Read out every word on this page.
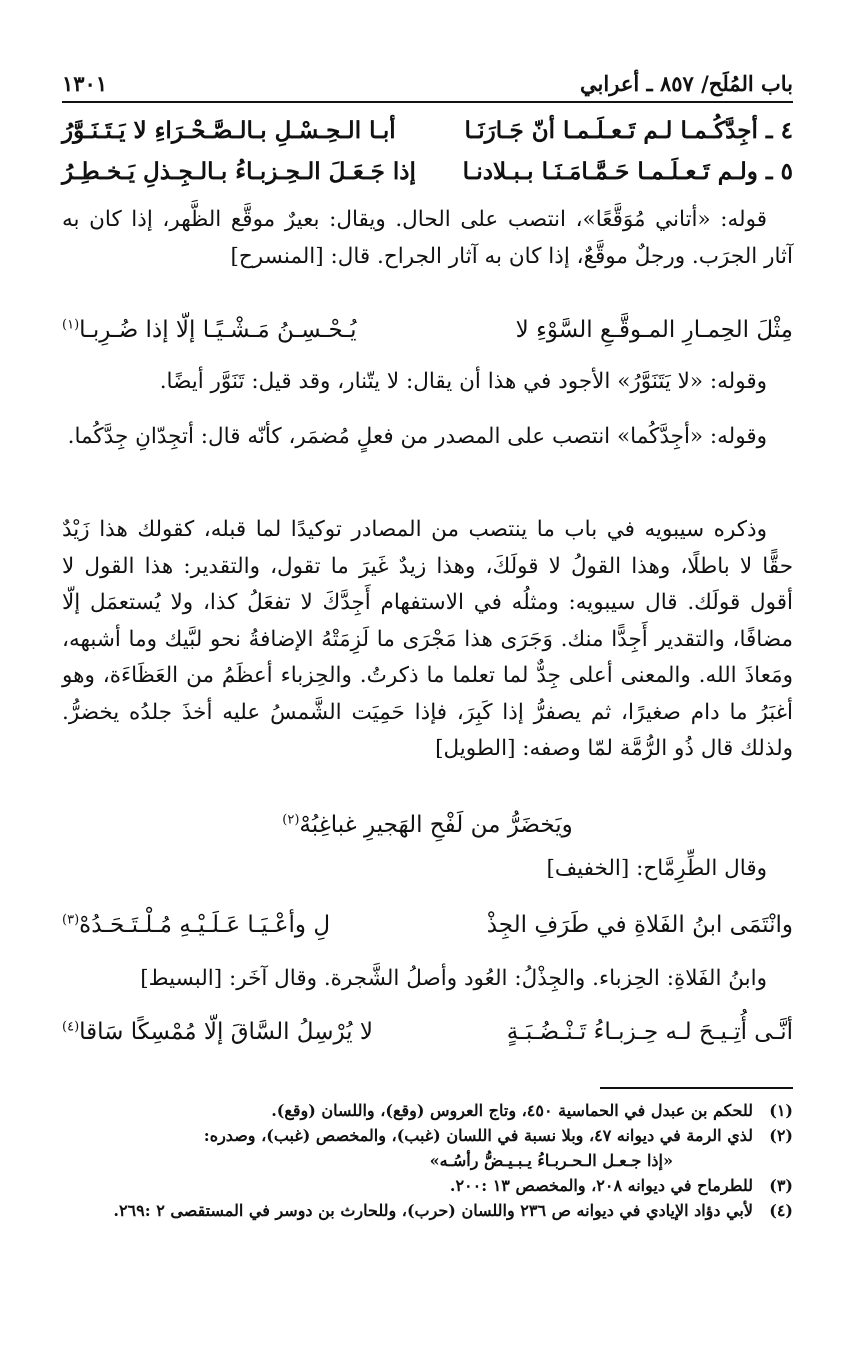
باب المُلَح/ ٨٥٧ ـ أعرابي
١٣٠١
٤ ـ أجِدَّكُـمـا لـم تَـعـلَـمـا أنّ جَـارَنَـا
أبـا الـحِـسْـلِ بـالـصَّـحْـرَاءِ لا يَـتَـنَـوَّرُ
٥ ـ ولـم تَـعـلَـمـا حَـمَّـامَـنَـا بـبـلادنـا
إذا جَـعَـلَ الـحِـزبـاءُ بـالـجِـذلِ يَـخـطِـرُ

قوله: «أتاني مُوَقَّعًا»، انتصب على الحال. ويقال: بعيرٌ موقَّع الظَّهر، إذا كان به آثار الجرَب. ورجلٌ موقَّعٌ، إذا كان به آثار الجراح. قال: [المنسرح]

مِثْلَ الحِمـارِ المـوقَّـعِ السَّوْءِ لا
يُـحْـسِـنُ مَـشْـيًـا إلّا إذا ضُـرِبـا$^{(١)}$

وقوله: «لا يَتَنَوَّرُ» الأجود في هذا أن يقال: لا يتّنار، وقد قيل: تَنَوَّر أيضًا.

وقوله: «أجِدَّكُما» انتصب على المصدر من فعلٍ مُضمَر، كأنّه قال: أتجِدّانِ جِدَّكُما.

وذكره سيبويه في باب ما ينتصب من المصادر توكيدًا لما قبله، كقولك هذا زَيْدٌ حقًّا لا باطلًا، وهذا القولُ لا قولَكَ، وهذا زيدٌ غَيرَ ما تقول، والتقدير: هذا القول لا أقول قولَك. قال سيبويه: ومثلُه في الاستفهام أَجِدَّكَ لا تفعَلُ كذا، ولا يُستعمَل إلّا مضافًا، والتقدير أَجِدًّا منك. وَجَرَى هذا مَجْرَى ما لَزِمَتْهُ الإضافةُ نحو لبَّيك وما أشبهه، ومَعاذَ الله. والمعنى أعلى جِدٌّ لما تعلما ما ذكرتُ. والحِزباء أعظَمُ من العَظَاءَة، وهو أغبَرُ ما دام صغيرًا، ثم يصفرُّ إذا كَبِرَ، فإذا حَمِيَت الشَّمسُ عليه أخذَ جلدُه يخضرُّ. ولذلك قال ذُو الرُّمَّة لمّا وصفه: [الطويل]

ويَخضَرُّ من لَفْحِ الهَجيرِ غباغِبُهْ$^{(٢)}$
وقال الطِّرِمَّاح: [الخفيف]
وانْتَمَى ابنُ الفَلاةِ في طَرَفِ الجِذْ
لِ وأعْـيَـا عَـلَـيْـهِ مُـلْـتَـحَـدُهْ$^{(٣)}$
وابنُ الفَلاةِ: الحِزباء. والجِذْلُ: العُود وأصلُ الشَّجرة. وقال آخَر: [البسيط]
أنَّـى أُتِـيـحَ لـه حِـزبـاءُ تَـنْـضُـبَـةٍ
لا يُرْسِلُ السَّاقَ إلّا مُمْسِكًا سَاقا$^{(٤)}$
(١)
للحكم بن عبدل في الحماسية ٤٥٠، وتاج العروس (وقع)، واللسان (وقع).
(٢)
لذي الرمة في ديوانه ٤٧، وبلا نسبة في اللسان (غبب)، والمخصص (غبب)، وصدره:
«إذا جـعـل الـحـربـاءُ يـبـيـضُّ رأسُـه»
(٣)
للطرماح في ديوانه ٢٠٨، والمخصص ١٣ :٢٠٠.
(٤)
لأبي دؤاد الإيادي في ديوانه ص ٢٣٦ واللسان (حرب)، وللحارث بن دوسر في المستقصى ٢ :٢٦٩.
